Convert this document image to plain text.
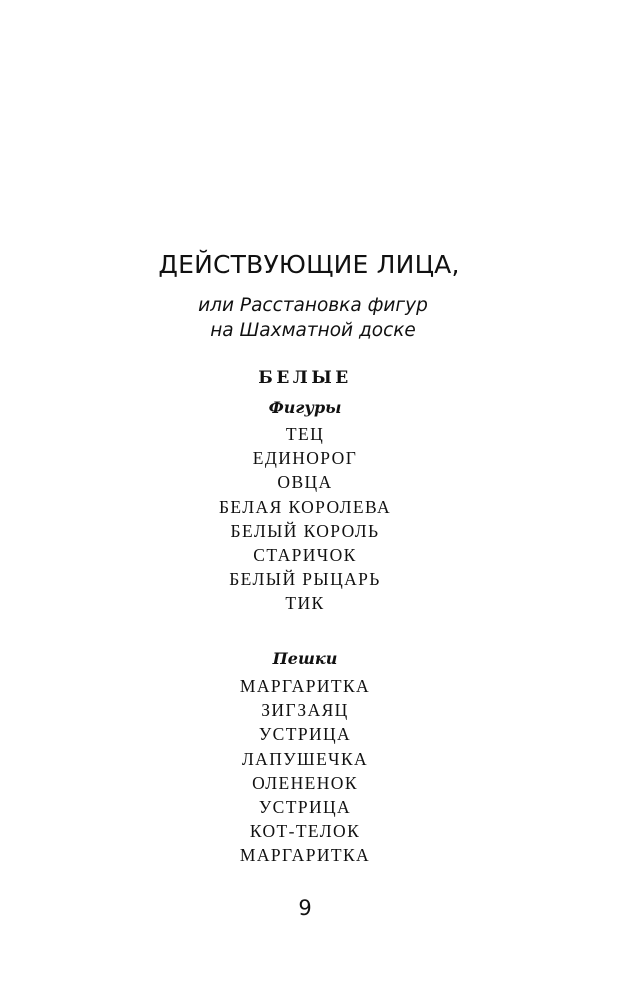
ДЕЙСТВУЮЩИЕ ЛИЦА,
или Расстановка фигур
на Шахматной доске
БЕЛЫЕ
Фигуры
ТЕЦ
ЕДИНОРОГ
ОВЦА
БЕЛАЯ КОРОЛЕВА
БЕЛЫЙ КОРОЛЬ
СТАРИЧОК
БЕЛЫЙ РЫЦАРЬ
ТИК
Пешки
МАРГАРИТКА
ЗИГЗАЯЦ
УСТРИЦА
ЛАПУШЕЧКА
ОЛЕНЕНОК
УСТРИЦА
КОТ-ТЕЛОК
МАРГАРИТКА
9
